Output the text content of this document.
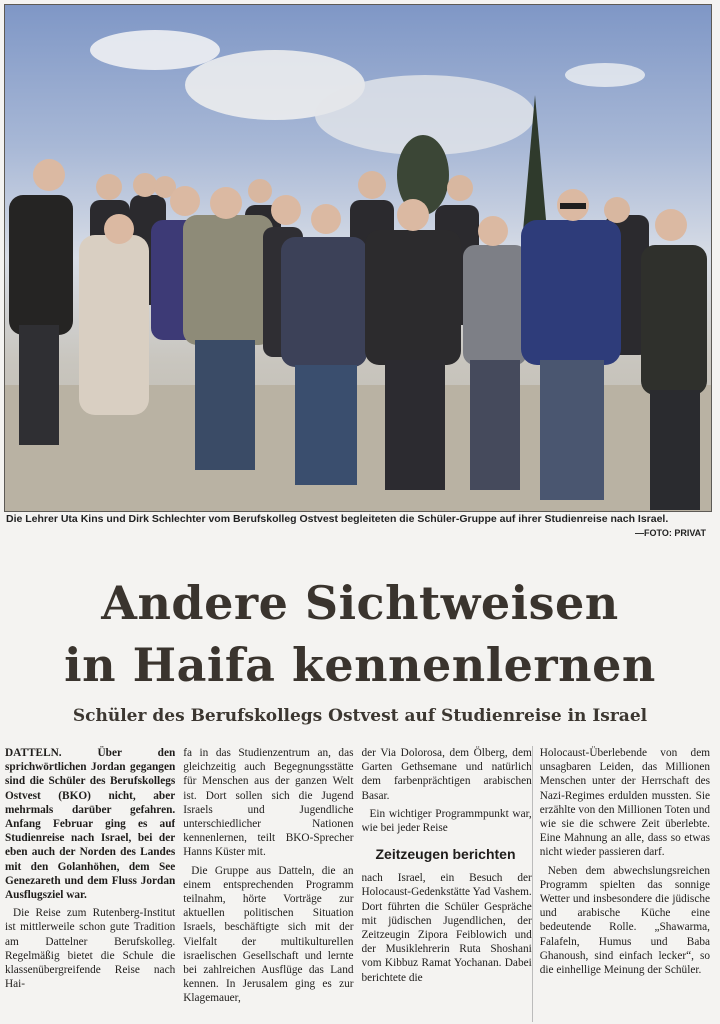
Die Lehrer Uta Kins und Dirk Schlechter vom Berufskolleg Ostvest begleiteten die Schüler-Gruppe auf ihrer Studienreise nach Israel.
—FOTO: PRIVAT
Andere Sichtweisen
in Haifa kennenlernen
Schüler des Berufskollegs Ostvest auf Studienreise in Israel

DATTELN.	Über den sprichwörtlichen Jordan gegangen sind die Schüler des Berufskollegs Ostvest (BKO) nicht, aber mehrmals darüber gefahren. Anfang Februar ging es auf Studienreise nach Israel, bei der eben auch der Norden des Landes mit den Golanhöhen, dem See Genezareth und dem Fluss Jordan Ausflugsziel war.

Die Reise zum Rutenberg-Institut ist mittlerweile schon gute Tradition am Dattelner Berufskolleg. Regelmäßig bietet die Schule die klassenübergreifende Reise nach Hai-

fa in das Studienzentrum an, das gleichzeitig auch Begegnungsstätte für Menschen aus der ganzen Welt ist. Dort sollen sich die Jugend Israels und Jugendliche unterschiedlicher Nationen kennenlernen, teilt BKO-Sprecher Hanns Küster mit.

Die Gruppe aus Datteln, die an einem entsprechenden Programm teilnahm, hörte Vorträge zur aktuellen politischen Situation Israels, beschäftigte sich mit der Vielfalt der multikulturellen israelischen Gesellschaft und lernte bei zahlreichen Ausflüge das Land kennen. In Jerusalem ging es zur Klagemauer,

der Via Dolorosa, dem Ölberg, dem Garten Gethsemane und natürlich dem farbenprächtigen arabischen Basar.

Ein wichtiger Programmpunkt war, wie bei jeder Reise

Zeitzeugen berichten

nach Israel, ein Besuch der Holocaust-Gedenkstätte Yad Vashem. Dort führten die Schüler Gespräche mit jüdischen Jugendlichen, der Zeitzeugin Zipora Feiblowich und der Musiklehrerin Ruta Shoshani vom Kibbuz Ramat Yochanan. Dabei berichtete die

Holocaust-Überlebende von dem unsagbaren Leiden, das Millionen Menschen unter der Herrschaft des Nazi-Regimes erdulden mussten. Sie erzählte von den Millionen Toten und wie sie die schwere Zeit überlebte. Eine Mahnung an alle, dass so etwas nicht wieder passieren darf.

Neben dem abwechslungsreichen Programm spielten das sonnige Wetter und insbesondere die jüdische und arabische Küche eine bedeutende Rolle. „Shawarma, Falafeln, Humus und Baba Ghanoush, sind einfach lecker“, so die einhellige Meinung der Schüler.
